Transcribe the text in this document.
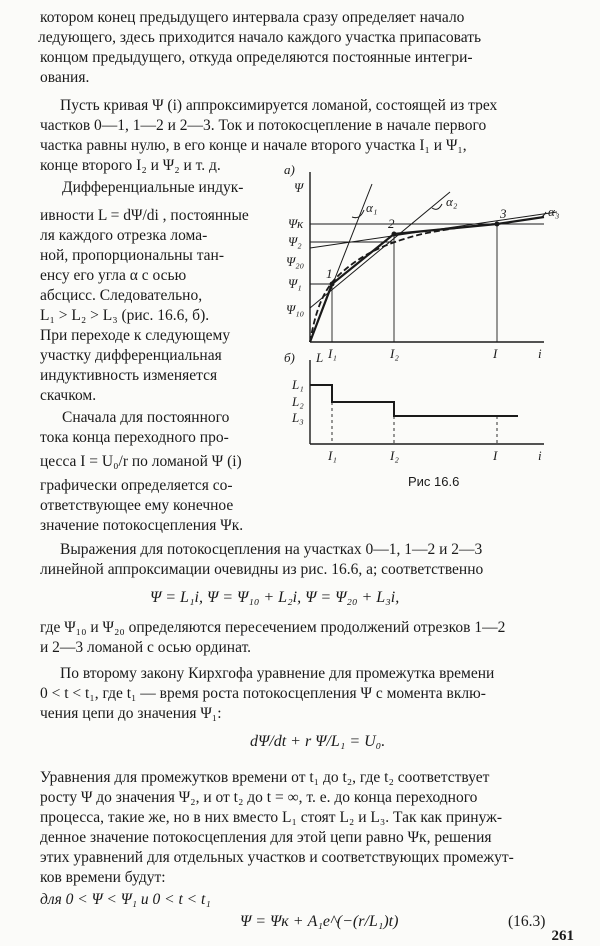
котором конец предыдущего интервала сразу определяет начало
ледующего, здесь приходится начало каждого участка припасовать
концом предыдущего, откуда определяются постоянные интегри-
ования.
Пусть кривая Ψ (i) аппроксимируется ломаной, состоящей из трех
частков 0—1, 1—2 и 2—3. Ток и потокосцепление в начале первого
частка равны нулю, в его конце и начале второго участка I₁ и Ψ₁,
конце второго I₂ и Ψ₂ и т. д.
Дифференциальные индук-
ивности L = dΨ/di , постоянные
ля каждого отрезка лома-
ной, пропорциональны тан-
енсу его угла α с осью
абсцисс. Следовательно,
L₁ > L₂ > L₃ (рис. 16.6, б).
При переходе к следующему
участку дифференциальная
индуктивность изменяется
скачком.
Сначала для постоянного
тока конца переходного про-
цесса I = U₀/r по ломаной Ψ (i)
графически определяется со-
ответствующее ему конечное
значение потокосцепления Ψк.
а)
Ψ
Ψк
Ψ₂
Ψ₂₀
Ψ₁
Ψ₁₀
I₁	I₂	I	i
1
2
3
α₁	α₂
α₃
б) L
L₁
L₂
L₃
I₁	I₂	I	i
Рис 16.6
Выражения для потокосцепления на участках 0—1, 1—2 и 2—3
линейной аппроксимации очевидны из рис. 16.6, а; соответственно
Ψ = L₁i, Ψ = Ψ₁₀ + L₂i, Ψ = Ψ₂₀ + L₃i,
где Ψ₁₀ и Ψ₂₀ определяются пересечением продолжений отрезков 1—2
и 2—3 ломаной с осью ординат.
По второму закону Кирхгофа уравнение для промежутка времени
0 < t < t₁, где t₁ — время роста потокосцепления Ψ с момента вклю-
чения цепи до значения Ψ₁:
dΨ/dt + r Ψ/L₁ = U₀.
Уравнения для промежутков времени от t₁ до t₂, где t₂ соответствует
росту Ψ до значения Ψ₂, и от t₂ до t = ∞, т. е. до конца переходного
процесса, такие же, но в них вместо L₁ стоят L₂ и L₃. Так как принуж-
денное значение потокосцепления для этой цепи равно Ψк, решения
этих уравнений для отдельных участков и соответствующих промежут-
ков времени будут:
для 0 < Ψ < Ψ₁ и 0 < t < t₁
Ψ = Ψк + A₁e^(−(r/L₁)t)	(16.3)
261
